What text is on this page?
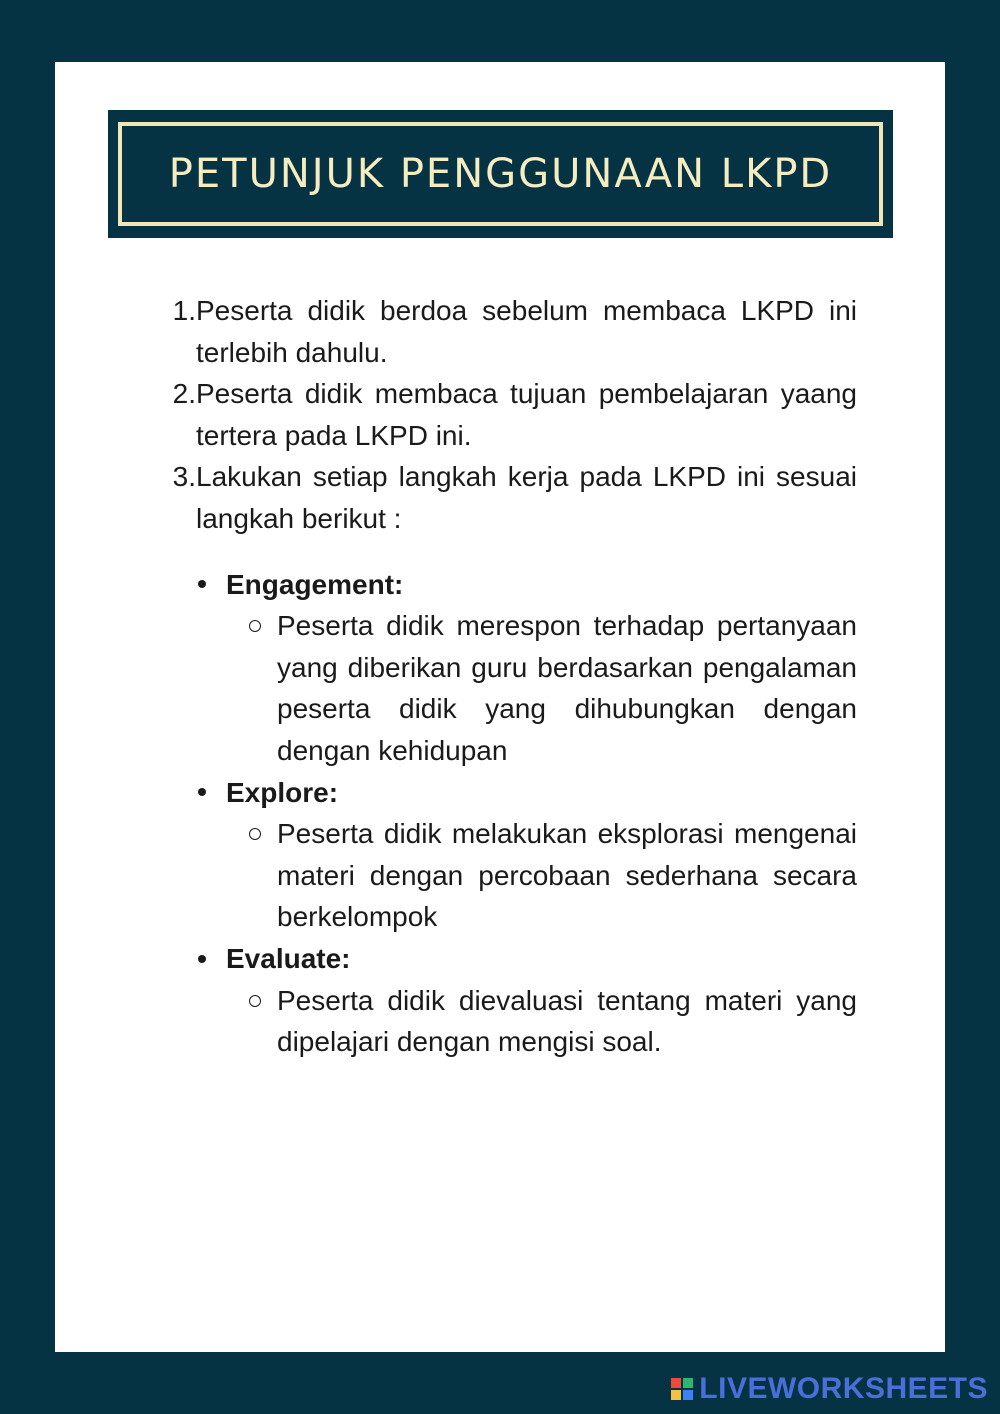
PETUNJUK PENGGUNAAN LKPD
1. Peserta didik berdoa sebelum membaca LKPD ini terlebih dahulu.
2. Peserta didik membaca tujuan pembelajaran yaang tertera pada LKPD ini.
3. Lakukan setiap langkah kerja pada LKPD ini sesuai langkah berikut :
Engagement:
Peserta didik merespon terhadap pertanyaan yang diberikan guru berdasarkan pengalaman peserta didik yang dihubungkan dengan dengan kehidupan
Explore:
Peserta didik melakukan eksplorasi mengenai materi dengan percobaan sederhana secara berkelompok
Evaluate:
Peserta didik dievaluasi tentang materi yang dipelajari dengan mengisi soal.
LIVEWORKSHEETS
